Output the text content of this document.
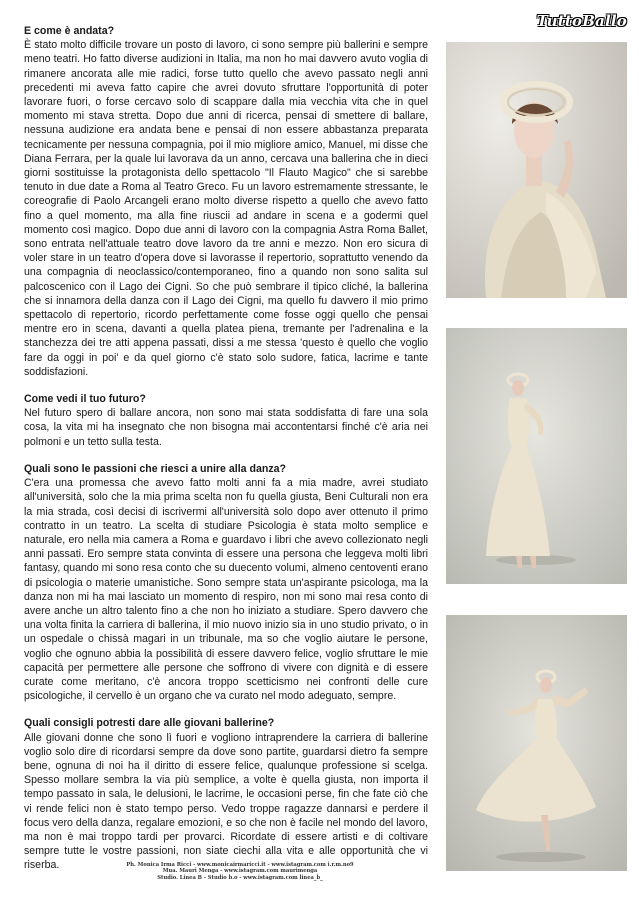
TuttoBallo
E come è andata?

È stato molto difficile trovare un posto di lavoro, ci sono sempre più ballerini e sempre meno teatri. Ho fatto diverse audizioni in Italia, ma non ho mai davvero avuto voglia di rimanere ancorata alle mie radici, forse tutto quello che avevo passato negli anni precedenti mi aveva fatto capire che avrei dovuto sfruttare l'opportunità di poter lavorare fuori, o forse cercavo solo di scappare dalla mia vecchia vita che in quel momento mi stava stretta. Dopo due anni di ricerca, pensai di smettere di ballare, nessuna audizione era andata bene e pensai di non essere abbastanza preparata tecnicamente per nessuna compagnia, poi il mio migliore amico, Manuel, mi disse che Diana Ferrara, per la quale lui lavorava da un anno, cercava una ballerina che in dieci giorni sostituisse la protagonista dello spettacolo "Il Flauto Magico" che si sarebbe tenuto in due date a Roma al Teatro Greco. Fu un lavoro estremamente stressante, le coreografie di Paolo Arcangeli erano molto diverse rispetto a quello che avevo fatto fino a quel momento, ma alla fine riuscii ad andare in scena e a godermi quel momento così magico. Dopo due anni di lavoro con la compagnia Astra Roma Ballet, sono entrata nell'attuale teatro dove lavoro da tre anni e mezzo. Non ero sicura di voler stare in un teatro d'opera dove si lavorasse il repertorio, soprattutto venendo da una compagnia di neoclassico/contemporaneo, fino a quando non sono salita sul palcoscenico con il Lago dei Cigni. So che può sembrare il tipico cliché, la ballerina che si innamora della danza con il Lago dei Cigni, ma quello fu davvero il mio primo spettacolo di repertorio, ricordo perfettamente come fosse oggi quello che pensai mentre ero in scena, davanti a quella platea piena, tremante per l'adrenalina e la stanchezza dei tre atti appena passati, dissi a me stessa 'questo è quello che voglio fare da oggi in poi' e da quel giorno c'è stato solo sudore, fatica, lacrime e tante soddisfazioni.

Come vedi il tuo futuro?

Nel futuro spero di ballare ancora, non sono mai stata soddisfatta di fare una sola cosa, la vita mi ha insegnato che non bisogna mai accontentarsi finché c'è aria nei polmoni e un tetto sulla testa.

Quali sono le passioni che riesci a unire alla danza?

C'era una promessa che avevo fatto molti anni fa a mia madre, avrei studiato all'università, solo che la mia prima scelta non fu quella giusta, Beni Culturali non era la mia strada, così decisi di iscrivermi all'università solo dopo aver ottenuto il primo contratto in un teatro. La scelta di studiare Psicologia è stata molto semplice e naturale, ero nella mia camera a Roma e guardavo i libri che avevo collezionato negli anni passati. Ero sempre stata convinta di essere una persona che leggeva molti libri fantasy, quando mi sono resa conto che su duecento volumi, almeno centoventi erano di psicologia o materie umanistiche. Sono sempre stata un'aspirante psicologa, ma la danza non mi ha mai lasciato un momento di respiro, non mi sono mai resa conto di avere anche un altro talento fino a che non ho iniziato a studiare. Spero davvero che una volta finita la carriera di ballerina, il mio nuovo inizio sia in uno studio privato, o in un ospedale o chissà magari in un tribunale, ma so che voglio aiutare le persone, voglio che ognuno abbia la possibilità di essere davvero felice, voglio sfruttare le mie capacità per permettere alle persone che soffrono di vivere con dignità e di essere curate come meritano, c'è ancora troppo scetticismo nei confronti delle cure psicologiche, il cervello è un organo che va curato nel modo adeguato, sempre.

Quali consigli potresti dare alle giovani ballerine?

Alle giovani donne che sono lì fuori e vogliono intraprendere la carriera di ballerine voglio solo dire di ricordarsi sempre da dove sono partite, guardarsi dietro fa sempre bene, ognuna di noi ha il diritto di essere felice, qualunque professione si scelga. Spesso mollare sembra la via più semplice, a volte è quella giusta, non importa il tempo passato in sala, le delusioni, le lacrime, le occasioni perse, fin che fate ciò che vi rende felici non è stato tempo perso. Vedo troppe ragazze dannarsi e perdere il focus vero della danza, regalare emozioni, e so che non è facile nel mondo del lavoro, ma non è mai troppo tardi per provarci. Ricordate di essere artisti e di coltivare sempre tutte le vostre passioni, non siate ciechi alla vita e alle opportunità che vi riserba.	Ph. Monica Irma Ricci - www.monicairmaricci.it - www.istagram.com i.r.m.no9
Mua. Mauri Menga - www.istagram.com maurimenga
Studio. Linea B - Studio b.o - www.istagram.com linea_b_
